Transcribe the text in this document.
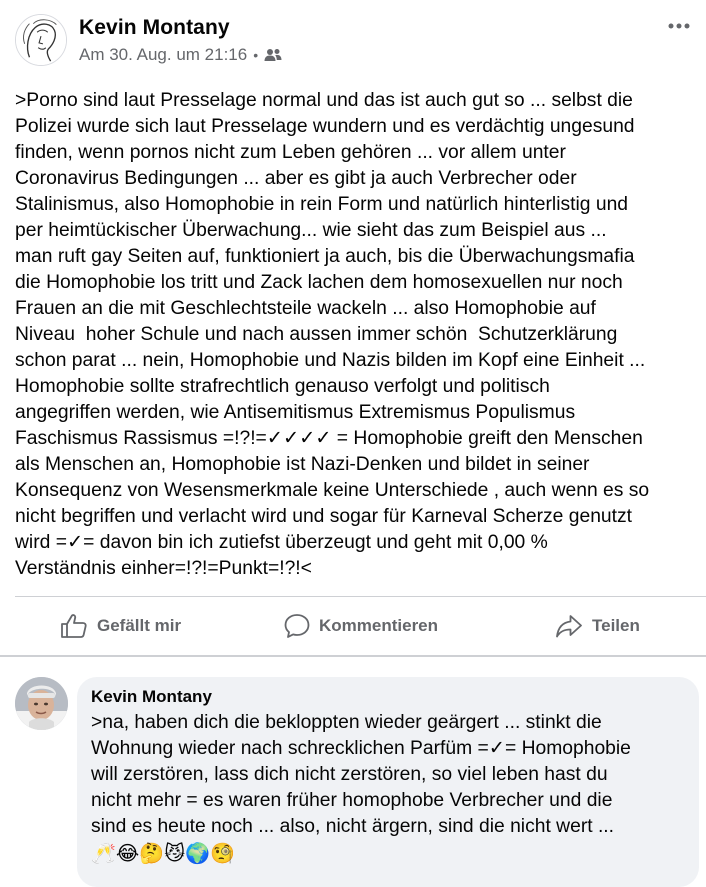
Kevin Montany
Am 30. Aug. um 21:16 •

>Porno sind laut Presselage normal und das ist auch gut so ... selbst die
Polizei wurde sich laut Presselage wundern und es verdächtig ungesund
finden, wenn pornos nicht zum Leben gehören ... vor allem unter
Coronavirus Bedingungen ... aber es gibt ja auch Verbrecher oder
Stalinismus, also Homophobie in rein Form und natürlich hinterlistig und
per heimtückischer Überwachung... wie sieht das zum Beispiel aus ...
man ruft gay Seiten auf, funktioniert ja auch, bis die Überwachungsmafia
die Homophobie los tritt und Zack lachen dem homosexuellen nur noch
Frauen an die mit Geschlechtsteile wackeln ... also Homophobie auf
Niveau  hoher Schule und nach aussen immer schön  Schutzerklärung
schon parat ... nein, Homophobie und Nazis bilden im Kopf eine Einheit ...
Homophobie sollte strafrechtlich genauso verfolgt und politisch
angegriffen werden, wie Antisemitismus Extremismus Populismus
Faschismus Rassismus =!?!=✓✓✓✓ = Homophobie greift den Menschen
als Menschen an, Homophobie ist Nazi-Denken und bildet in seiner
Konsequenz von Wesensmerkmale keine Unterschiede , auch wenn es so
nicht begriffen und verlacht wird und sogar für Karneval Scherze genutzt
wird =✓= davon bin ich zutiefst überzeugt und geht mit 0,00 %
Verständnis einher=!?!=Punkt=!?!<

Gefällt mir	Kommentieren	Teilen
Kevin Montany

>na, haben dich die bekloppten wieder geärgert ... stinkt die
Wohnung wieder nach schrecklichen Parfüm =✓= Homophobie
will zerstören, lass dich nicht zerstören, so viel leben hast du
nicht mehr = es waren früher homophobe Verbrecher und die
sind es heute noch ... also, nicht ärgern, sind die nicht wert ...

🥂 😂 🤔 😼 🌍 🧐
